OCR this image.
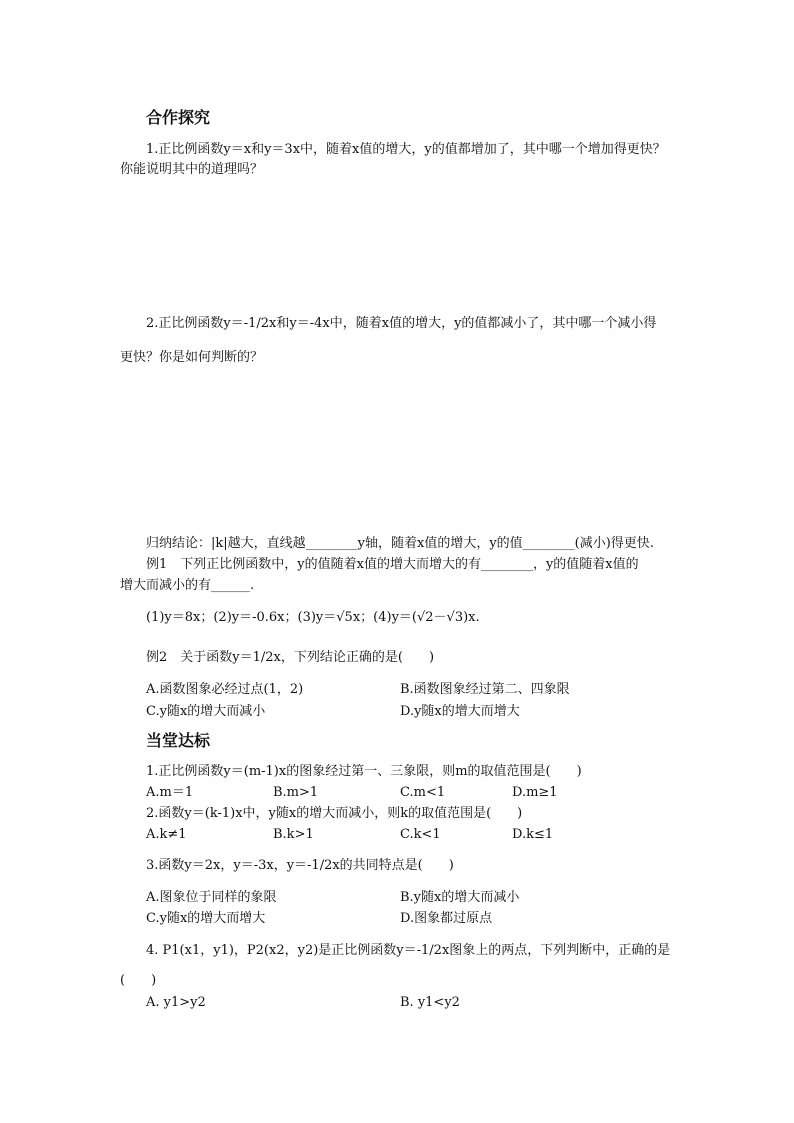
合作探究
1.正比例函数y＝x和y＝3x中，随着x值的增大，y的值都增加了，其中哪一个增加得更快？
你能说明其中的道理吗？
2.正比例函数y＝-1/2x和y＝-4x中，随着x值的增大，y的值都减小了，其中哪一个减小得
更快？你是如何判断的？
归纳结论：|k|越大，直线越________y轴，随着x值的增大，y的值________(减小)得更快.
例1　下列正比例函数中，y的值随着x值的增大而增大的有________，y的值随着x值的
增大而减小的有______.
(1)y＝8x；(2)y＝-0.6x；(3)y＝√5x；(4)y＝(√2－√3)x.
例2　关于函数y＝1/2x，下列结论正确的是(　　)
A.函数图象必经过点(1，2)	B.函数图象经过第二、四象限
C.y随x的增大而减小	D.y随x的增大而增大
当堂达标
1.正比例函数y＝(m-1)x的图象经过第一、三象限，则m的取值范围是(　　)
A.m＝1	B.m>1	C.m<1	D.m≥1
2.函数y＝(k-1)x中，y随x的增大而减小，则k的取值范围是(　　)
A.k≠1	B.k>1	C.k<1	D.k≤1
3.函数y＝2x，y＝-3x，y＝-1/2x的共同特点是(　　)
A.图象位于同样的象限	B.y随x的增大而减小
C.y随x的增大而增大	D.图象都过原点
4. P1(x1，y1)，P2(x2，y2)是正比例函数y＝-1/2x图象上的两点，下列判断中，正确的是
(　　)
A. y1>y2	B. y1<y2
